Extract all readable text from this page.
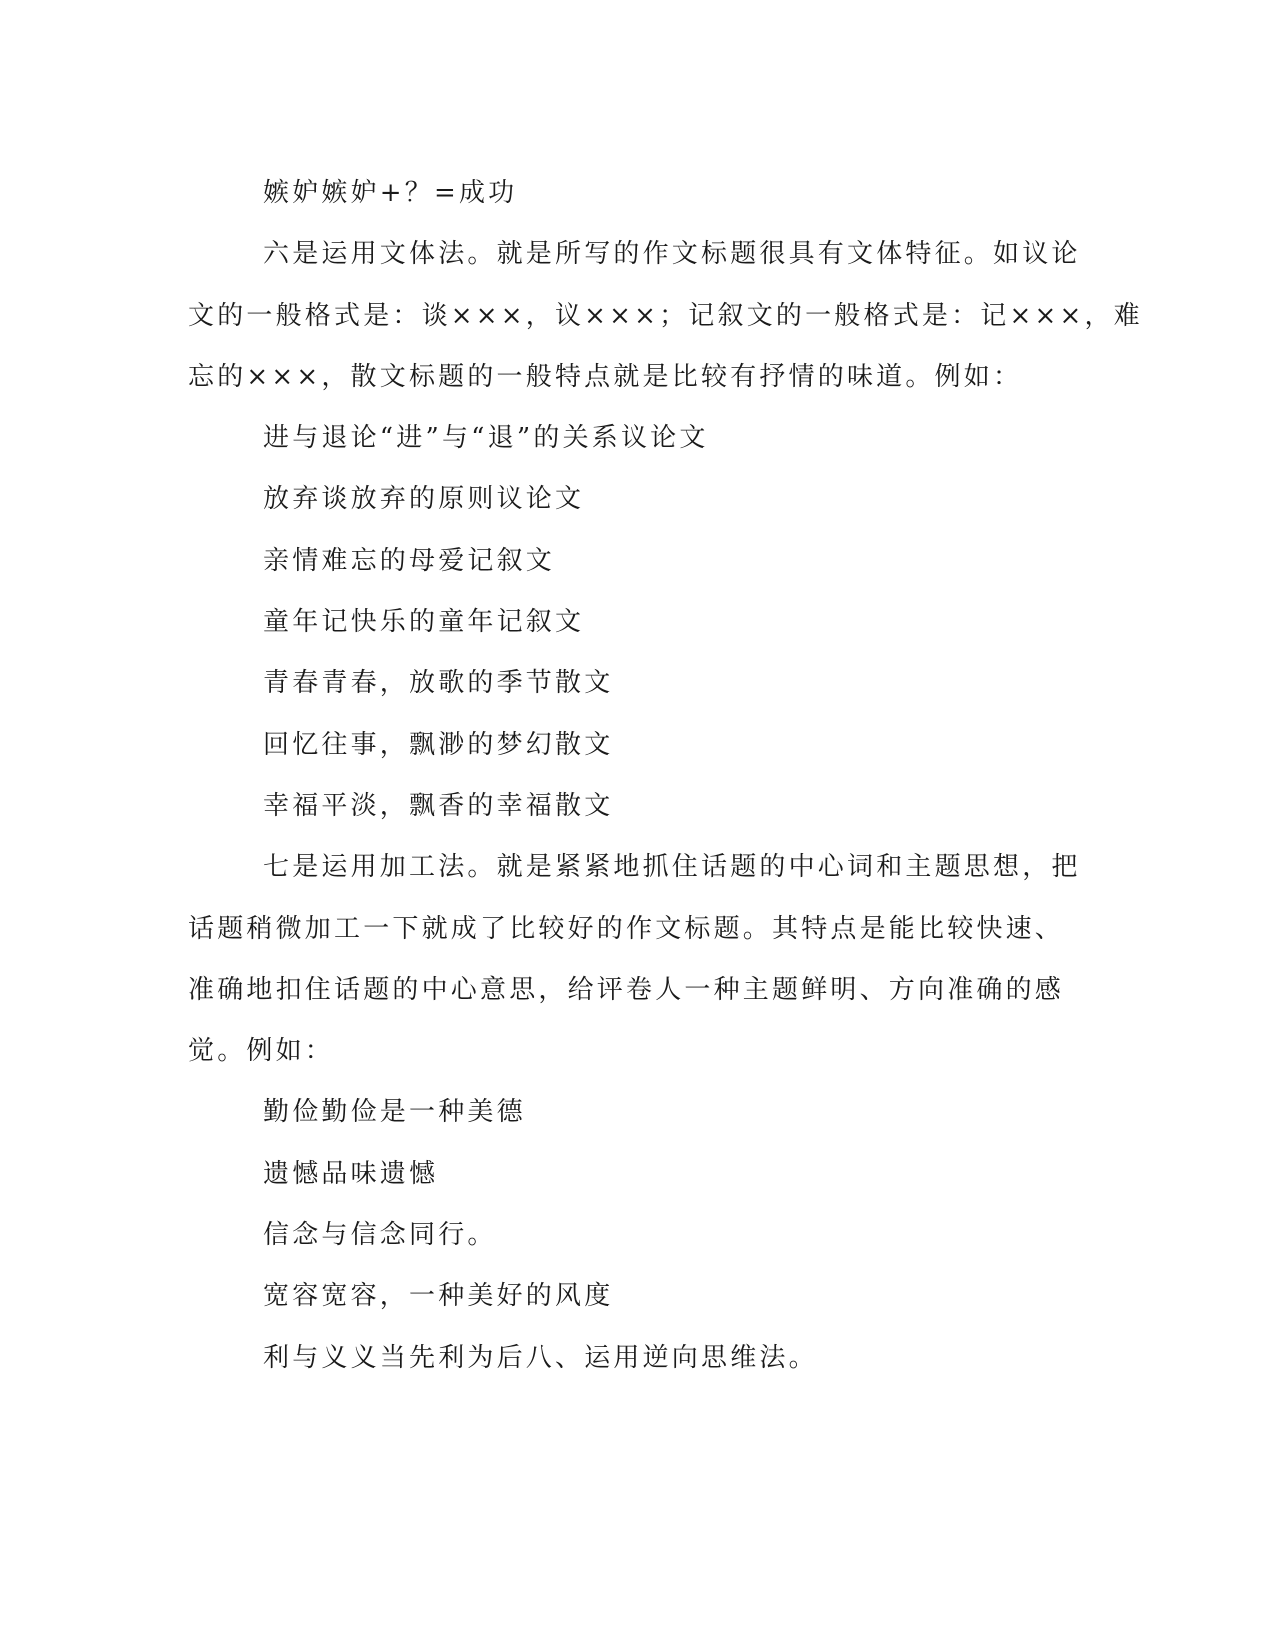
嫉妒嫉妒+？=成功

六是运用文体法。就是所写的作文标题很具有文体特征。如议论

文的一般格式是：谈×××，议×××；记叙文的一般格式是：记×××，难

忘的×××，散文标题的一般特点就是比较有抒情的味道。例如：

进与退论“进”与“退”的关系议论文

放弃谈放弃的原则议论文

亲情难忘的母爱记叙文

童年记快乐的童年记叙文

青春青春，放歌的季节散文

回忆往事，飘渺的梦幻散文

幸福平淡，飘香的幸福散文

七是运用加工法。就是紧紧地抓住话题的中心词和主题思想，把

话题稍微加工一下就成了比较好的作文标题。其特点是能比较快速、

准确地扣住话题的中心意思，给评卷人一种主题鲜明、方向准确的感

觉。例如：

勤俭勤俭是一种美德

遗憾品味遗憾

信念与信念同行。

宽容宽容，一种美好的风度

利与义义当先利为后八、运用逆向思维法。
